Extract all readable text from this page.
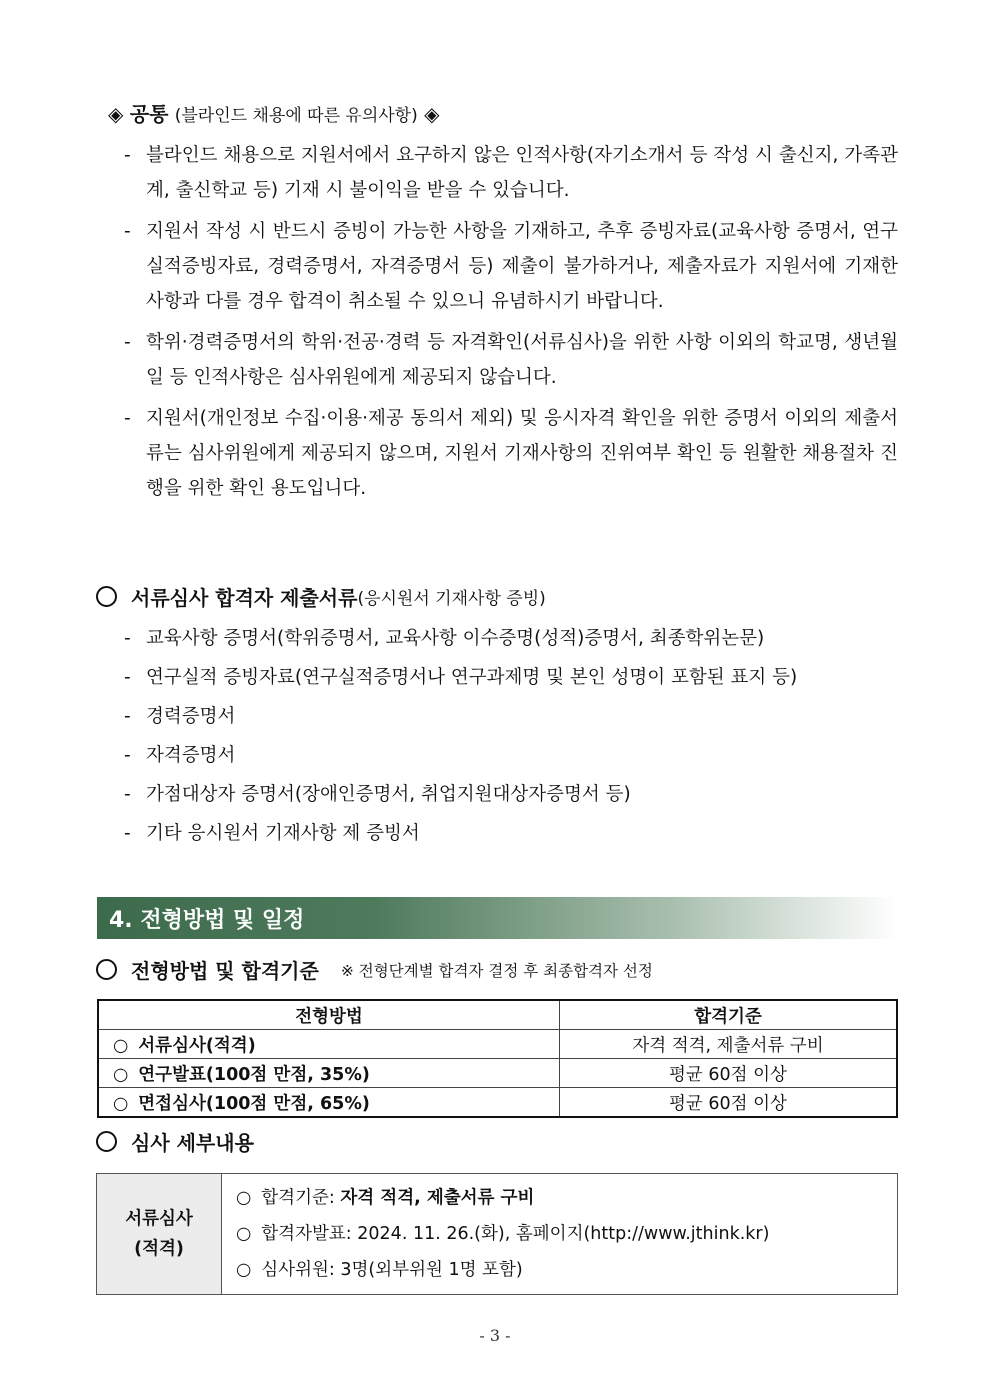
◈ 공통 (블라인드 채용에 따른 유의사항) ◈
- 블라인드 채용으로 지원서에서 요구하지 않은 인적사항(자기소개서 등 작성 시 출신지, 가족관계, 출신학교 등) 기재 시 불이익을 받을 수 있습니다.
- 지원서 작성 시 반드시 증빙이 가능한 사항을 기재하고, 추후 증빙자료(교육사항 증명서, 연구실적증빙자료, 경력증명서, 자격증명서 등) 제출이 불가하거나, 제출자료가 지원서에 기재한 사항과 다를 경우 합격이 취소될 수 있으니 유념하시기 바랍니다.
- 학위·경력증명서의 학위·전공·경력 등 자격확인(서류심사)을 위한 사항 이외의 학교명, 생년월일 등 인적사항은 심사위원에게 제공되지 않습니다.
- 지원서(개인정보 수집·이용·제공 동의서 제외) 및 응시자격 확인을 위한 증명서 이외의 제출서류는 심사위원에게 제공되지 않으며, 지원서 기재사항의 진위여부 확인 등 원활한 채용절차 진행을 위한 확인 용도입니다.
서류심사 합격자 제출서류 (응시원서 기재사항 증빙)
- 교육사항 증명서(학위증명서, 교육사항 이수증명(성적)증명서, 최종학위논문)
- 연구실적 증빙자료(연구실적증명서나 연구과제명 및 본인 성명이 포함된 표지 등)
- 경력증명서
- 자격증명서
- 가점대상자 증명서(장애인증명서, 취업지원대상자증명서 등)
- 기타 응시원서 기재사항 제 증빙서
4. 전형방법 및 일정
전형방법 및 합격기준 ※ 전형단계별 합격자 결정 후 최종합격자 선정
전형방법	합격기준
○ 서류심사(적격)	자격 적격, 제출서류 구비
○ 연구발표(100점 만점, 35%)	평균 60점 이상
○ 면접심사(100점 만점, 65%)	평균 60점 이상
심사 세부내용
서류심사
(적격)	
○ 합격기준: 자격 적격, 제출서류 구비
○ 합격자발표: 2024. 11. 26.(화), 홈페이지(http://www.jthink.kr)
○ 심사위원: 3명(외부위원 1명 포함)
- 3 -
